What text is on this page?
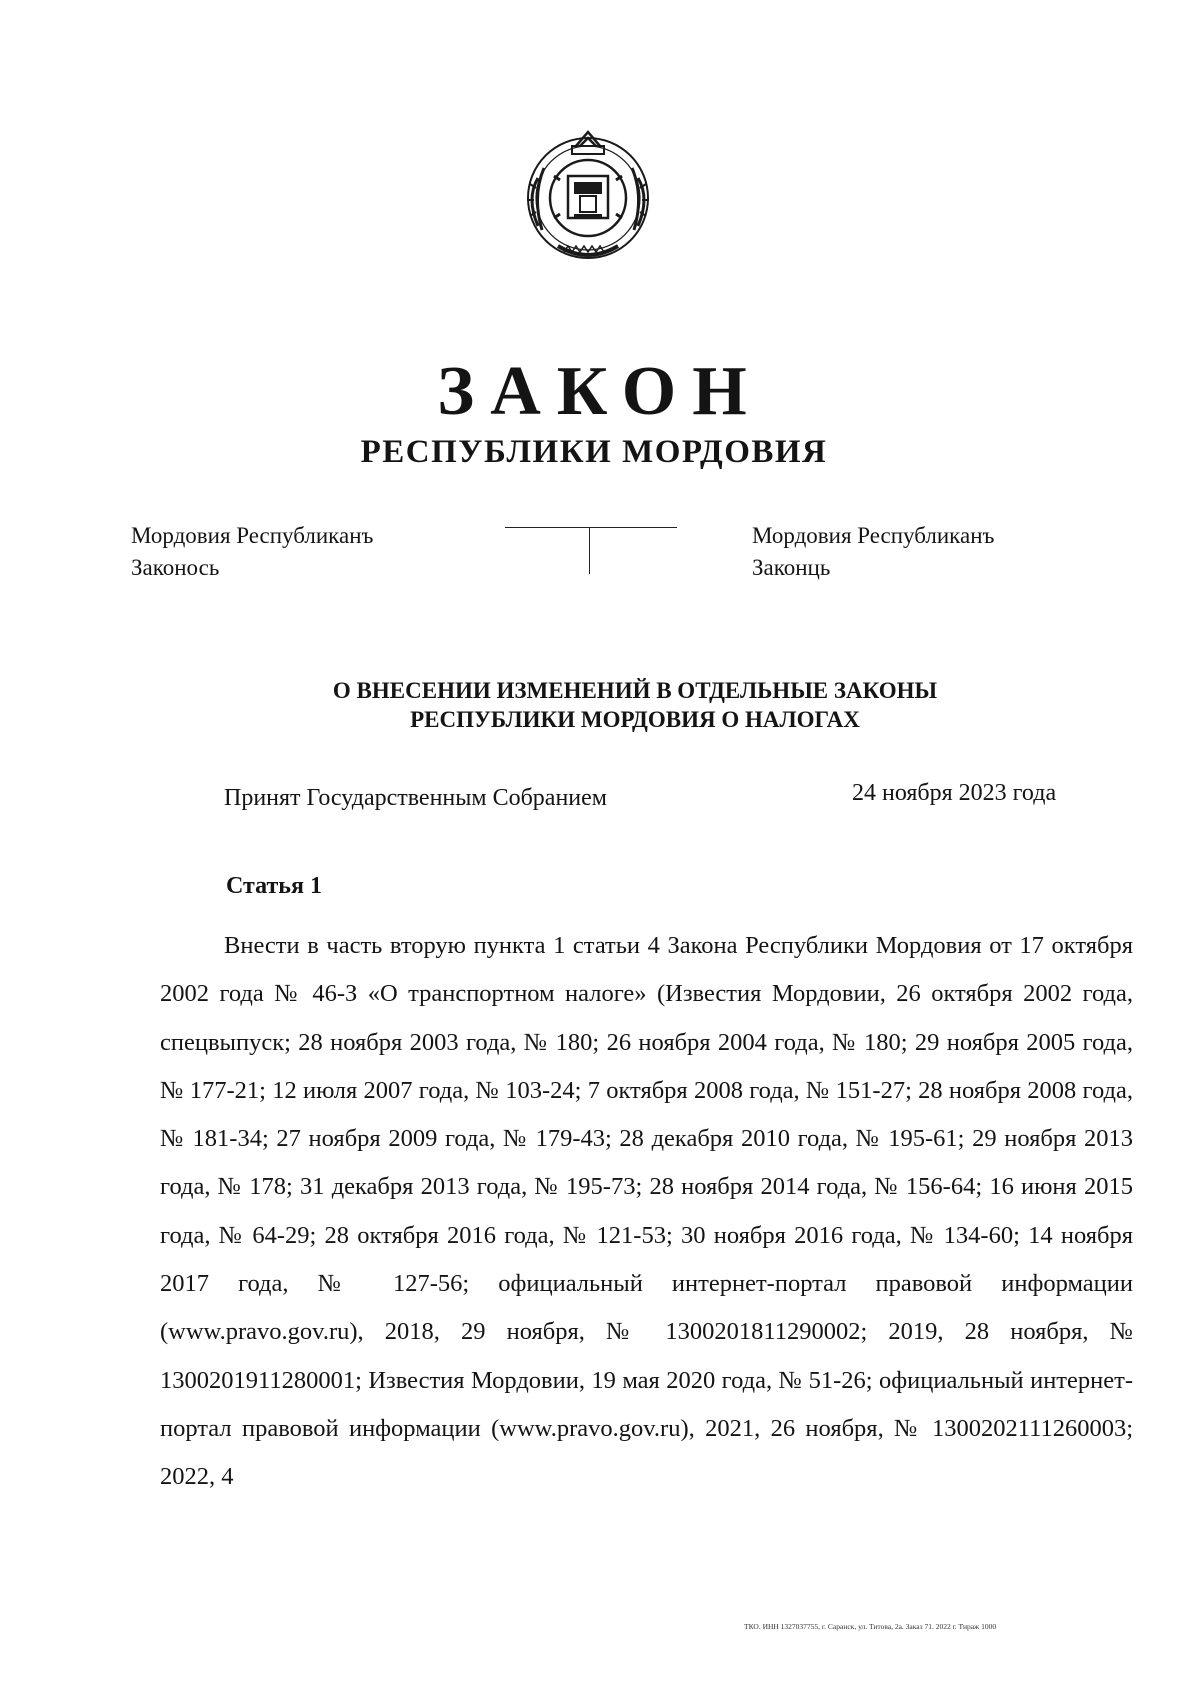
ЗАКОН
РЕСПУБЛИКИ МОРДОВИЯ
Мордовия Республиканъ
Законось
Мордовия Республиканъ
Законць
О ВНЕСЕНИИ ИЗМЕНЕНИЙ В ОТДЕЛЬНЫЕ ЗАКОНЫ
РЕСПУБЛИКИ МОРДОВИЯ О НАЛОГАХ
Принят Государственным Собранием	24 ноября 2023 года
Статья 1
Внести в часть вторую пункта 1 статьи 4 Закона Республики Мордовия от 17 октября 2002 года № 46-З «О транспортном налоге» (Известия Мордовии, 26 октября 2002 года, спецвыпуск; 28 ноября 2003 года, № 180; 26 ноября 2004 года, № 180; 29 ноября 2005 года, № 177-21; 12 июля 2007 года, № 103-24; 7 октября 2008 года, № 151-27; 28 ноября 2008 года, № 181-34; 27 ноября 2009 года, № 179-43; 28 декабря 2010 года, № 195-61; 29 ноября 2013 года, № 178; 31 декабря 2013 года, № 195-73; 28 ноября 2014 года, № 156-64; 16 июня 2015 года, № 64-29; 28 октября 2016 года, № 121-53; 30 ноября 2016 года, № 134-60; 14 ноября 2017 года, № 127-56; официальный интернет-портал правовой информации (www.pravo.gov.ru), 2018, 29 ноября, № 1300201811290002; 2019, 28 ноября, № 1300201911280001; Известия Мордовии, 19 мая 2020 года, № 51-26; официальный интернет-портал правовой информации (www.pravo.gov.ru), 2021, 26 ноября, № 1300202111260003; 2022, 4
ТКО. ИНН 1327037755, г. Саранск, ул. Титова, 2а. Заказ 71. 2022 г. Тираж 1000
